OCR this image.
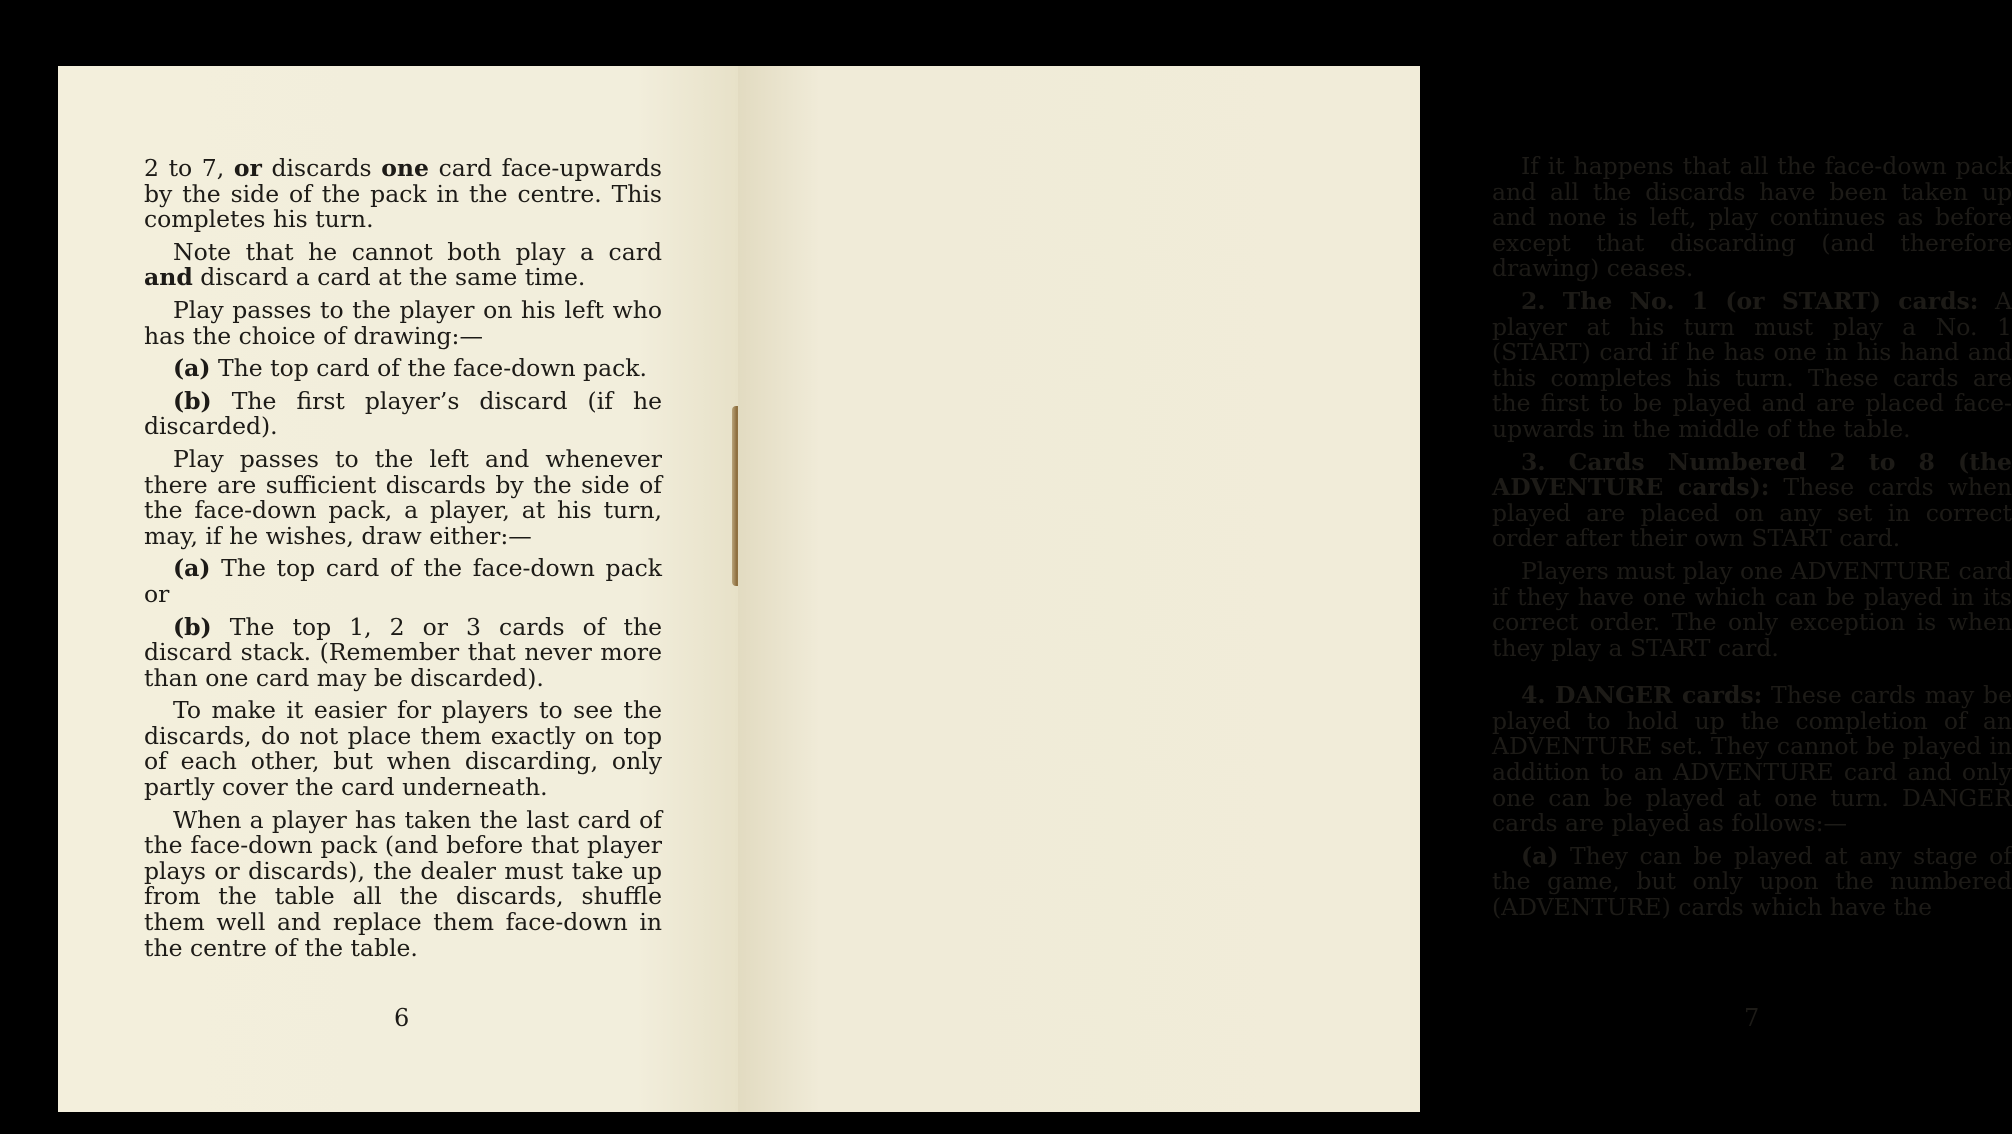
2 to 7, or discards one card face-upwards by the side of the pack in the centre. This completes his turn.

Note that he cannot both play a card and discard a card at the same time.

Play passes to the player on his left who has the choice of drawing:—

(a) The top card of the face-down pack.

(b) The first player’s discard (if he discarded).

Play passes to the left and whenever there are sufficient discards by the side of the face-down pack, a player, at his turn, may, if he wishes, draw either:—

(a) The top card of the face-down pack or

(b) The top 1, 2 or 3 cards of the discard stack. (Remember that never more than one card may be discarded).

To make it easier for players to see the discards, do not place them exactly on top of each other, but when discarding, only partly cover the card underneath.

When a player has taken the last card of the face-down pack (and before that player plays or discards), the dealer must take up from the table all the discards, shuffle them well and replace them face-down in the centre of the table.

6

If it happens that all the face-down pack and all the discards have been taken up and none is left, play continues as before except that discarding (and therefore drawing) ceases.

2. The No. 1 (or START) cards: A player at his turn must play a No. 1 (START) card if he has one in his hand and this completes his turn. These cards are the first to be played and are placed face-upwards in the middle of the table.

3. Cards Numbered 2 to 8 (the ADVENTURE cards): These cards when played are placed on any set in correct order after their own START card.

Players must play one ADVENTURE card if they have one which can be played in its correct order. The only exception is when they play a START card.

4. DANGER cards: These cards may be played to hold up the completion of an ADVENTURE set. They cannot be played in addition to an ADVENTURE card and only one can be played at one turn. DANGER cards are played as follows:—

(a) They can be played at any stage of the game, but only upon the numbered (ADVENTURE) cards which have the

7
